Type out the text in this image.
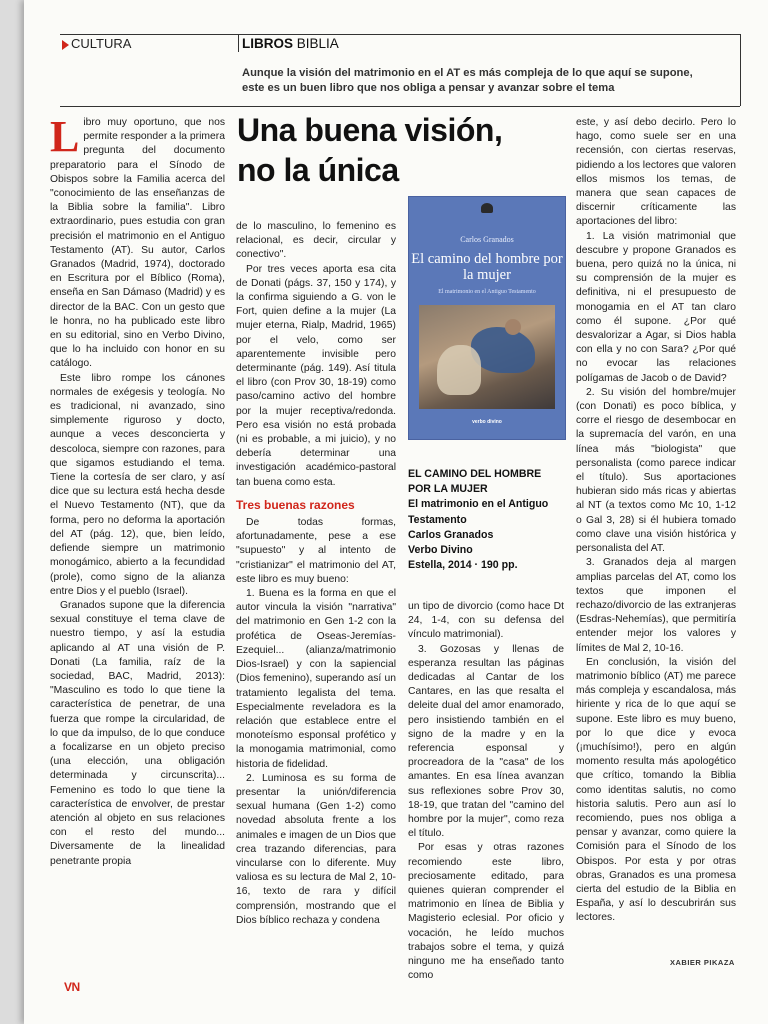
CULTURA	LIBROS BIBLIA
Aunque la visión del matrimonio en el AT es más compleja de lo que aquí se supone,
este es un buen libro que nos obliga a pensar y avanzar sobre el tema
Una buena visión,
no la única

Libro muy oportuno, que nos permite responder a la primera pregunta del documento preparatorio para el Sínodo de Obispos sobre la Familia acerca del "conocimiento de las enseñanzas de la Biblia sobre la familia". Libro extraordinario, pues estudia con gran precisión el matrimonio en el Antiguo Testamento (AT). Su autor, Carlos Granados (Madrid, 1974), doctorado en Escritura por el Bíblico (Roma), enseña en San Dámaso (Madrid) y es director de la BAC. Con un gesto que le honra, no ha publicado este libro en su editorial, sino en Verbo Divino, que lo ha incluido con honor en su catálogo.

Este libro rompe los cánones normales de exégesis y teología. No es tradicional, ni avanzado, sino simplemente riguroso y docto, aunque a veces desconcierta y descoloca, siempre con razones, para que sigamos estudiando el tema. Tiene la cortesía de ser claro, y así dice que su lectura está hecha desde el Nuevo Testamento (NT), que da forma, pero no deforma la aportación del AT (pág. 12), que, bien leído, defiende siempre un matrimonio monogámico, abierto a la fecundidad (prole), como signo de la alianza entre Dios y el pueblo (Israel).

Granados supone que la diferencia sexual constituye el tema clave de nuestro tiempo, y así la estudia aplicando al AT una visión de P. Donati (La familia, raíz de la sociedad, BAC, Madrid, 2013): "Masculino es todo lo que tiene la característica de penetrar, de una fuerza que rompe la circularidad, de lo que da impulso, de lo que conduce a focalizarse en un objeto preciso (una elección, una obligación determinada y circunscrita)... Femenino es todo lo que tiene la característica de envolver, de prestar atención al objeto en sus relaciones con el resto del mundo... Diversamente de la linealidad penetrante propia

de lo masculino, lo femenino es relacional, es decir, circular y conectivo".

Por tres veces aporta esa cita de Donati (págs. 37, 150 y 174), y la confirma siguiendo a G. von le Fort, quien define a la mujer (La mujer eterna, Rialp, Madrid, 1965) por el velo, como ser aparentemente invisible pero determinante (pág. 149). Así titula el libro (con Prov 30, 18-19) como paso/camino activo del hombre por la mujer receptiva/redonda. Pero esa visión no está probada (ni es probable, a mi juicio), y no debería determinar una investigación académico-pastoral tan buena como esta.

Tres buenas razones

De todas formas, afortunadamente, pese a ese "supuesto" y al intento de "cristianizar" el matrimonio del AT, este libro es muy bueno:

1. Buena es la forma en que el autor vincula la visión "narrativa" del matrimonio en Gen 1-2 con la profética de Oseas-Jeremías-Ezequiel... (alianza/matrimonio Dios-Israel) y con la sapiencial (Dios femenino), superando así un tratamiento legalista del tema. Especialmente reveladora es la relación que establece entre el monoteísmo esponsal profético y la monogamia matrimonial, como historia de fidelidad.

2. Luminosa es su forma de presentar la unión/diferencia sexual humana (Gen 1-2) como novedad absoluta frente a los animales e imagen de un Dios que crea trazando diferencias, para vincularse con lo diferente. Muy valiosa es su lectura de Mal 2, 10-16, texto de rara y difícil comprensión, mostrando que el Dios bíblico rechaza y condena

Carlos Granados
El camino del hombre por la mujer
El matrimonio en el Antiguo Testamento
verbo divino
EL CAMINO DEL HOMBRE
POR LA MUJER
El matrimonio en el Antiguo
Testamento
Carlos Granados
Verbo Divino
Estella, 2014 · 190 pp.

un tipo de divorcio (como hace Dt 24, 1-4, con su defensa del vínculo matrimonial).

3. Gozosas y llenas de esperanza resultan las páginas dedicadas al Cantar de los Cantares, en las que resalta el deleite dual del amor enamorado, pero insistiendo también en el signo de la madre y en la referencia esponsal y procreadora de la "casa" de los amantes. En esa línea avanzan sus reflexiones sobre Prov 30, 18-19, que tratan del "camino del hombre por la mujer", como reza el título.

Por esas y otras razones recomiendo este libro, preciosamente editado, para quienes quieran comprender el matrimonio en línea de Biblia y Magisterio eclesial. Por oficio y vocación, he leído muchos trabajos sobre el tema, y quizá ninguno me ha enseñado tanto como

este, y así debo decirlo. Pero lo hago, como suele ser en una recensión, con ciertas reservas, pidiendo a los lectores que valoren ellos mismos los temas, de manera que sean capaces de discernir críticamente las aportaciones del libro:

1. La visión matrimonial que descubre y propone Granados es buena, pero quizá no la única, ni su comprensión de la mujer es definitiva, ni el presupuesto de monogamia en el AT tan claro como él supone. ¿Por qué desvalorizar a Agar, si Dios habla con ella y no con Sara? ¿Por qué no evocar las relaciones polígamas de Jacob o de David?

2. Su visión del hombre/mujer (con Donati) es poco bíblica, y corre el riesgo de desembocar en la supremacía del varón, en una línea más "biologista" que personalista (como parece indicar el título). Sus aportaciones hubieran sido más ricas y abiertas al NT (a textos como Mc 10, 1-12 o Gal 3, 28) si él hubiera tomado como clave una visión histórica y personalista del AT.

3. Granados deja al margen amplias parcelas del AT, como los textos que imponen el rechazo/divorcio de las extranjeras (Esdras-Nehemías), que permitiría entender mejor los valores y límites de Mal 2, 10-16.

En conclusión, la visión del matrimonio bíblico (AT) me parece más compleja y escandalosa, más hiriente y rica de lo que aquí se supone. Este libro es muy bueno, por lo que dice y evoca (¡muchísimo!), pero en algún momento resulta más apologético que crítico, tomando la Biblia como identitas salutis, no como historia salutis. Pero aun así lo recomiendo, pues nos obliga a pensar y avanzar, como quiere la Comisión para el Sínodo de los Obispos. Por esta y por otras obras, Granados es una promesa cierta del estudio de la Biblia en España, y así lo descubrirán sus lectores.

XABIER PIKAZA
VN
